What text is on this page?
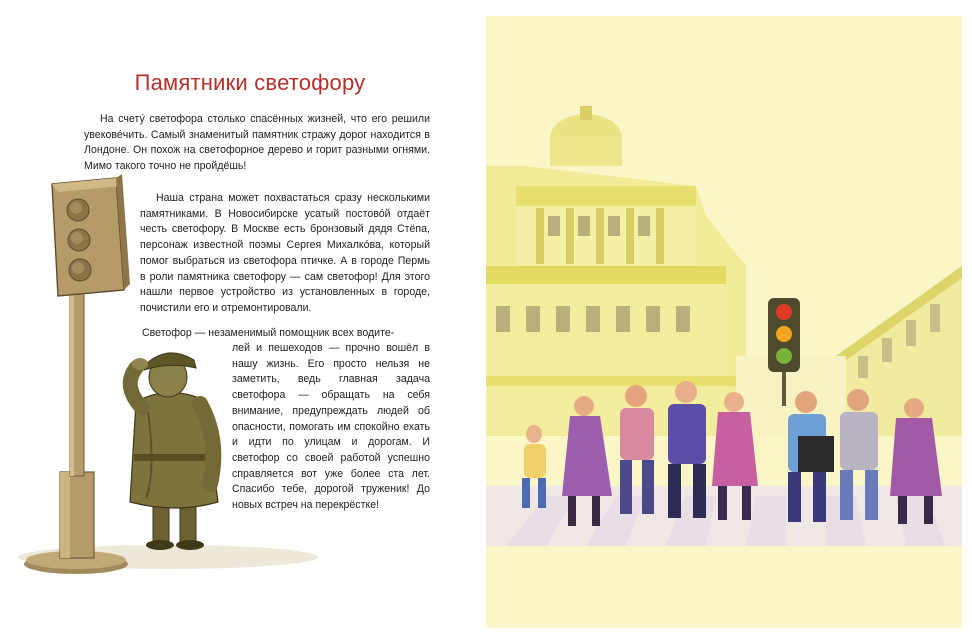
Памятники светофору

На счету́ светофора столько спасённых жизней, что его решили увекове́чить. Самый знаменитый памятник стражу дорог находится в Лондоне. Он похож на светофорное дерево и горит разными огнями. Мимо такого точно не пройдёшь!

Наша страна может похвастаться сразу несколькими памятниками. В Новосибирске усатый постово́й отдаёт честь светофору. В Москве есть бронзовый дядя Стёпа, персонаж известной поэмы Сергея Михалко́ва, который помог выбраться из светофора птичке. А в городе Пермь в роли памятника светофору — сам светофор! Для этого нашли первое устройство из установленных в городе, почистили его и отремонтировали.

Светофор — незаменимый помощник всех водите-

лей и пешеходов — прочно вошёл в нашу жизнь. Его просто нельзя не заметить, ведь главная задача светофора — обращать на себя внимание, предупреждать людей об опасности, помогать им спокойно ехать и идти по улицам и дорогам. И светофор со своей работой успешно справляется вот уже более ста лет. Спасибо тебе, дорогой труженик! До новых встреч на перекрёстке!
